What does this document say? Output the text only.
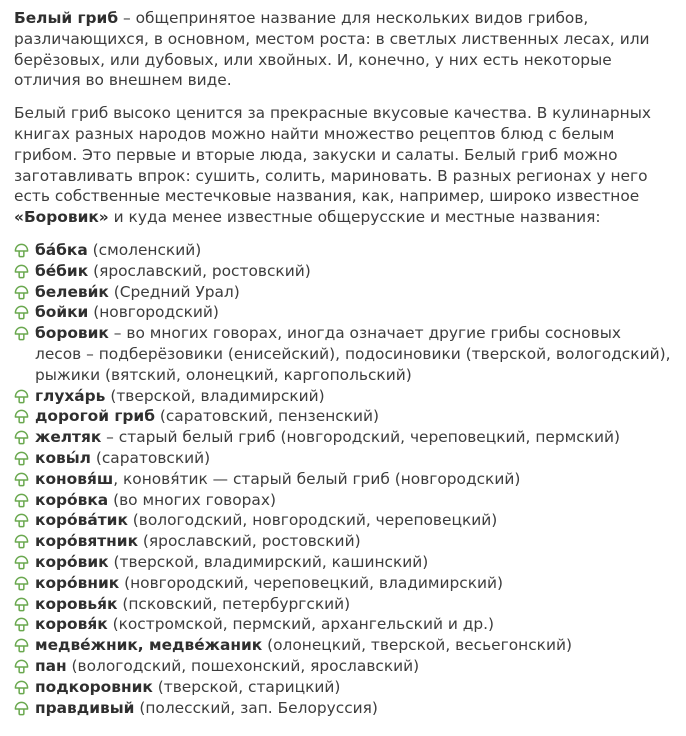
Белый гриб – общепринятое название для нескольких видов грибов, различающихся, в основном, местом роста: в светлых лиственных лесах, или берёзовых, или дубовых, или хвойных. И, конечно, у них есть некоторые отличия во внешнем виде.

Белый гриб высоко ценится за прекрасные вкусовые качества. В кулинарных книгах разных народов можно найти множество рецептов блюд с белым грибом. Это первые и вторые люда, закуски и салаты. Белый гриб можно заготавливать впрок: сушить, солить, мариновать. В разных регионах у него есть собственные местечковые названия, как, например, широко известное «Боровик» и куда менее известные общерусские и местные названия:

ба́бка (смоленский)
бе́бик (ярославский, ростовский)
белеви́к (Средний Урал)
бойки (новгородский)
боровик – во многих говорах, иногда означает другие грибы сосновых лесов – подберёзовики (енисейский), подосиновики (тверской, вологодский), рыжики (вятский, олонецкий, каргопольский)
глуха́рь (тверской, владимирский)
дорогой гриб (саратовский, пензенский)
желтяк – старый белый гриб (новгородский, череповецкий, пермский)
ковы́л (саратовский)
коновя́ш, коновя́тик — старый белый гриб (новгородский)
коро́вка (во многих говорах)
коро́ва́тик (вологодский, новгородский, череповецкий)
коро́вятник (ярославский, ростовский)
коро́вик (тверской, владимирский, кашинский)
коро́вник (новгородский, череповецкий, владимирский)
коровья́к (псковский, петербургский)
коровя́к (костромской, пермский, архангельский и др.)
медве́жник, медве́жаник (олонецкий, тверской, весьегонский)
пан (вологодский, пошехонский, ярославский)
подкоровник (тверской, старицкий)
правдивый (полесский, зап. Белоруссия)
